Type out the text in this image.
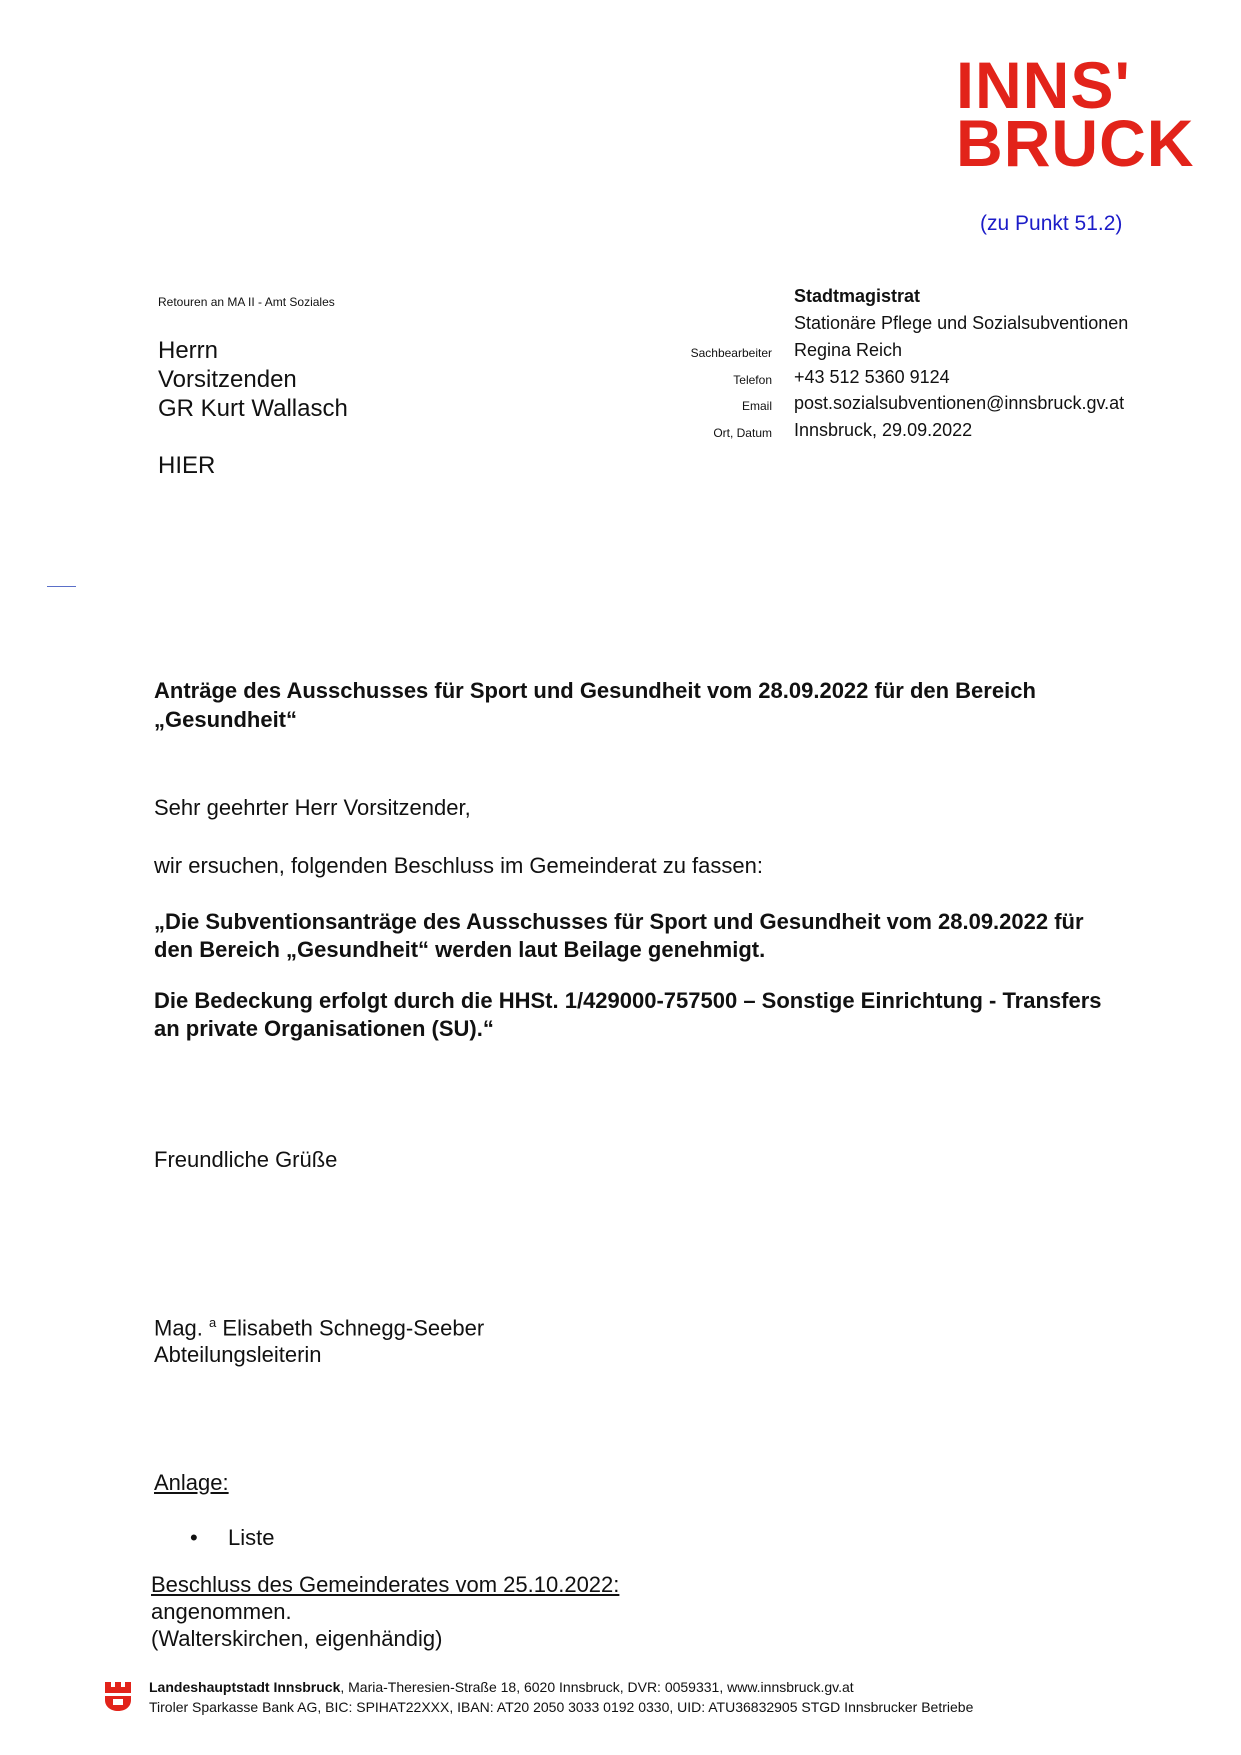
INNS'
BRUCK
(zu Punkt 51.2)
Retouren an MA II - Amt Soziales
Herrn
Vorsitzenden
GR Kurt Wallasch
HIER
Stadtmagistrat
Stationäre Pflege und Sozialsubventionen
Sachbearbeiter Regina Reich
Telefon +43 512 5360 9124
Email post.sozialsubventionen@innsbruck.gv.at
Ort, Datum Innsbruck, 29.09.2022
Anträge des Ausschusses für Sport und Gesundheit vom 28.09.2022 für den Bereich
„Gesundheit“
Sehr geehrter Herr Vorsitzender,
wir ersuchen, folgenden Beschluss im Gemeinderat zu fassen:
„Die Subventionsanträge des Ausschusses für Sport und Gesundheit vom 28.09.2022 für
den Bereich „Gesundheit“ werden laut Beilage genehmigt.
Die Bedeckung erfolgt durch die HHSt. 1/429000-757500 – Sonstige Einrichtung - Transfers
an private Organisationen (SU).“
Freundliche Grüße
Mag. $^a$ Elisabeth Schnegg-Seeber
Abteilungsleiterin
Anlage:
• Liste
Beschluss des Gemeinderates vom 25.10.2022:
angenommen.
(Walterskirchen, eigenhändig)
Landeshauptstadt Innsbruck, Maria-Theresien-Straße 18, 6020 Innsbruck, DVR: 0059331, www.innsbruck.gv.at
Tiroler Sparkasse Bank AG, BIC: SPIHAT22XXX, IBAN: AT20 2050 3033 0192 0330, UID: ATU36832905 STGD Innsbrucker Betriebe
